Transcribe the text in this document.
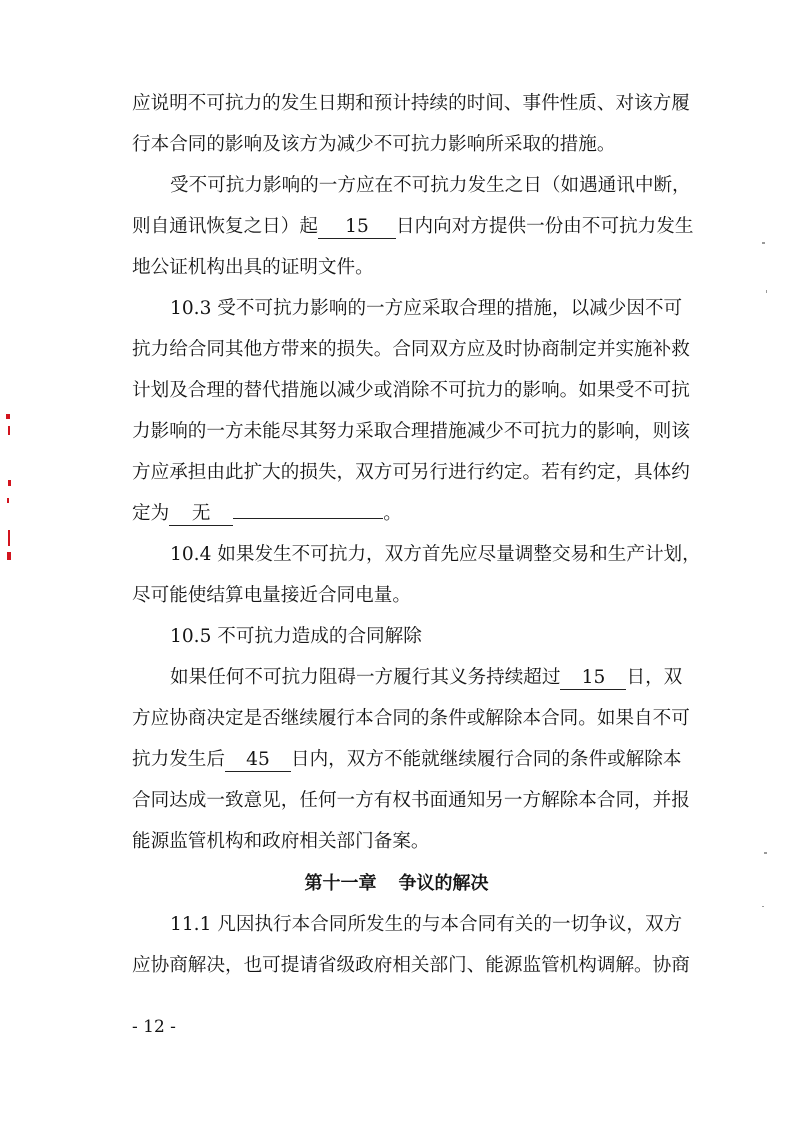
应说明不可抗力的发生日期和预计持续的时间、事件性质、对该方履
行本合同的影响及该方为减少不可抗力影响所采取的措施。
受不可抗力影响的一方应在不可抗力发生之日（如遇通讯中断，
则自通讯恢复之日）起 15 日内向对方提供一份由不可抗力发生
地公证机构出具的证明文件。
10.3 受不可抗力影响的一方应采取合理的措施，以减少因不可
抗力给合同其他方带来的损失。合同双方应及时协商制定并实施补救
计划及合理的替代措施以减少或消除不可抗力的影响。如果受不可抗
力影响的一方未能尽其努力采取合理措施减少不可抗力的影响，则该
方应承担由此扩大的损失，双方可另行进行约定。若有约定，具体约
定为 无	。
10.4 如果发生不可抗力，双方首先应尽量调整交易和生产计划，
尽可能使结算电量接近合同电量。
10.5 不可抗力造成的合同解除
如果任何不可抗力阻碍一方履行其义务持续超过 15 日，双
方应协商决定是否继续履行本合同的条件或解除本合同。如果自不可
抗力发生后 45 日内，双方不能就继续履行合同的条件或解除本
合同达成一致意见，任何一方有权书面通知另一方解除本合同，并报
能源监管机构和政府相关部门备案。
第十一章 争议的解决
11.1 凡因执行本合同所发生的与本合同有关的一切争议，双方
应协商解决，也可提请省级政府相关部门、能源监管机构调解。协商
- 12 -
